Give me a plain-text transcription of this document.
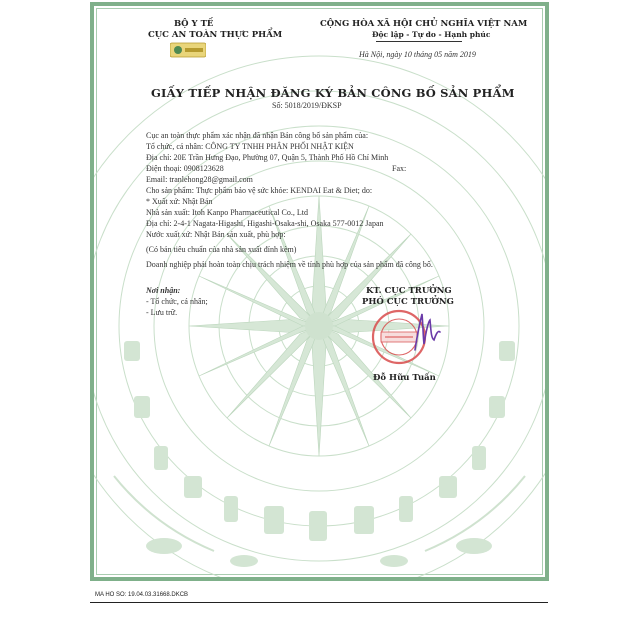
BỘ Y TẾ
CỤC AN TOÀN THỰC PHẨM
CỘNG HÒA XÃ HỘI CHỦ NGHĨA VIỆT NAM
Độc lập - Tự do - Hạnh phúc
Hà Nội, ngày 10 tháng 05 năm 2019
GIẤY TIẾP NHẬN ĐĂNG KÝ BẢN CÔNG BỐ SẢN PHẨM
Số: 5018/2019/ĐKSP
Cục an toàn thực phẩm xác nhận đã nhận Bản công bố sản phẩm của:
Tổ chức, cá nhân: CÔNG TY TNHH PHÂN PHỐI NHẬT KIỆN
Địa chỉ: 20E Trần Hưng Đạo, Phường 07, Quận 5, Thành Phố Hồ Chí Minh
Điện thoại: 0908123628	Fax:
Email: tranlehong28@gmail.com
Cho sản phẩm: Thực phẩm bảo vệ sức khỏe: KENDAI Eat & Diet; do:
* Xuất xứ: Nhật Bản
Nhà sản xuất: Itoh Kanpo Pharmaceutical Co., Ltd
Địa chỉ: 2-4-1 Nagata-Higashi, Higashi-Osaka-shi, Osaka 577-0012 Japan
Nước xuất xứ: Nhật Bản sản xuất, phù hợp:
(Có bản tiêu chuẩn của nhà sản xuất đính kèm)
Doanh nghiệp phải hoàn toàn chịu trách nhiệm về tính phù hợp của sản phẩm đã công bố.
Nơi nhận:
- Tổ chức, cá nhân;
- Lưu trữ.
KT. CỤC TRƯỞNG
PHÓ CỤC TRƯỞNG
Đỗ Hữu Tuấn
MA HO SO: 19.04.03.31668.DKCB
